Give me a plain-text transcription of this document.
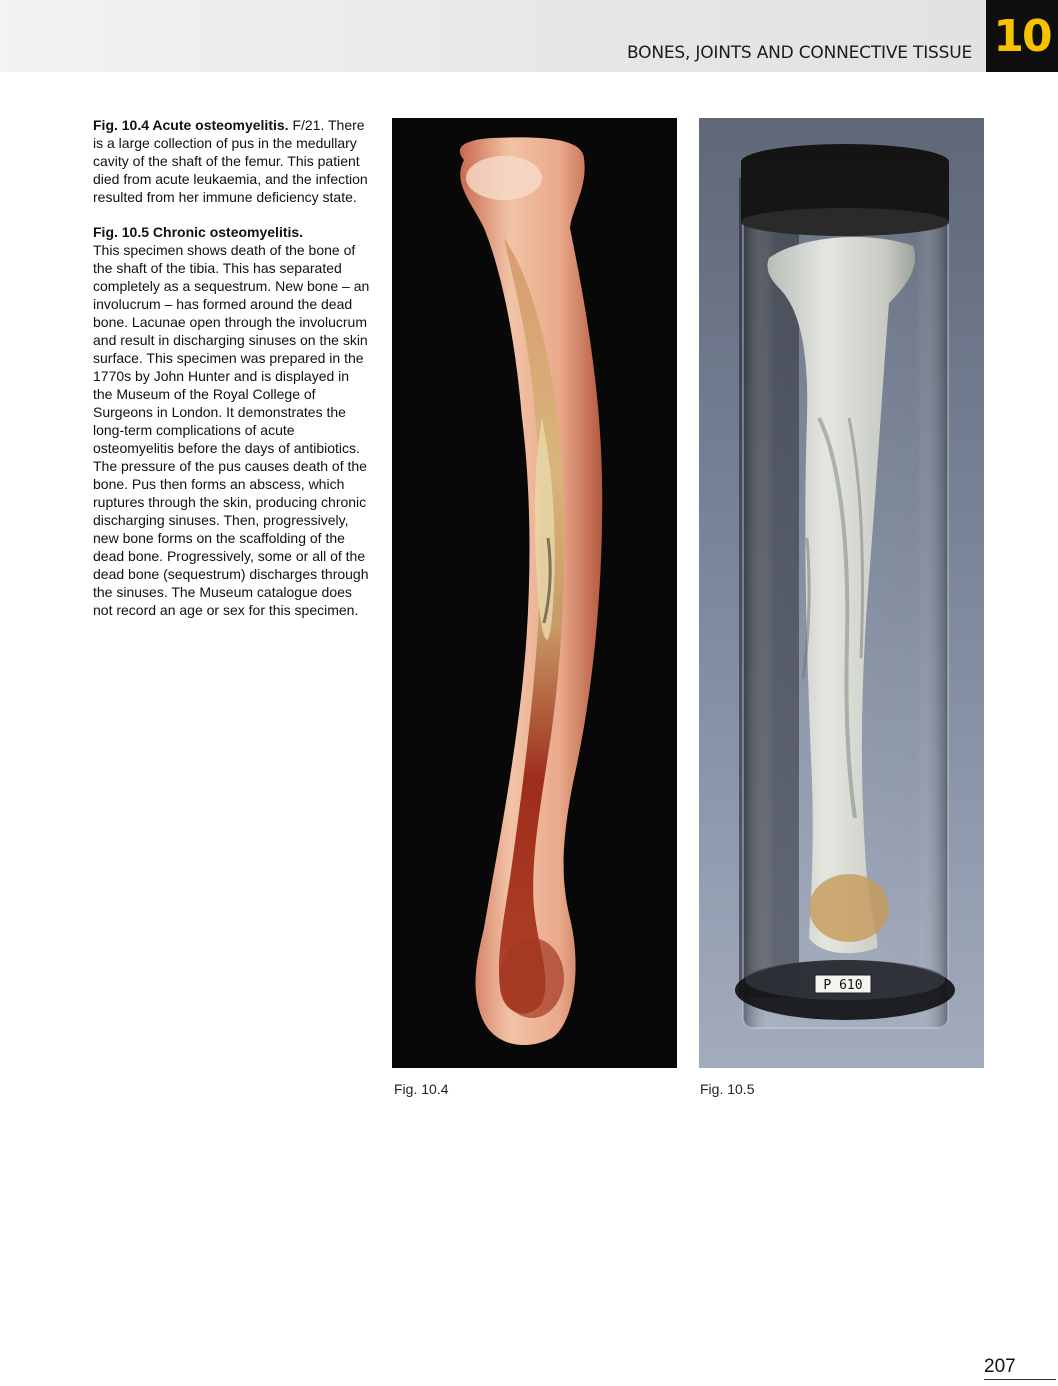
BONES, JOINTS AND CONNECTIVE TISSUE 10

Fig. 10.4 Acute osteomyelitis. F/21. There is a large collection of pus in the medullary cavity of the shaft of the femur. This patient died from acute leukaemia, and the infection resulted from her immune deficiency state.

Fig. 10.5 Chronic osteomyelitis.
This specimen shows death of the bone of the shaft of the tibia. This has separated completely as a sequestrum. New bone – an involucrum – has formed around the dead bone. Lacunae open through the involucrum and result in discharging sinuses on the skin surface. This specimen was prepared in the 1770s by John Hunter and is displayed in the Museum of the Royal College of Surgeons in London. It demonstrates the long-term complications of acute osteomyelitis before the days of antibiotics. The pressure of the pus causes death of the bone. Pus then forms an abscess, which ruptures through the skin, producing chronic discharging sinuses. Then, progressively, new bone forms on the scaffolding of the dead bone. Progressively, some or all of the dead bone (sequestrum) discharges through the sinuses. The Museum catalogue does not record an age or sex for this specimen.

P 610
Fig. 10.4	Fig. 10.5
207
